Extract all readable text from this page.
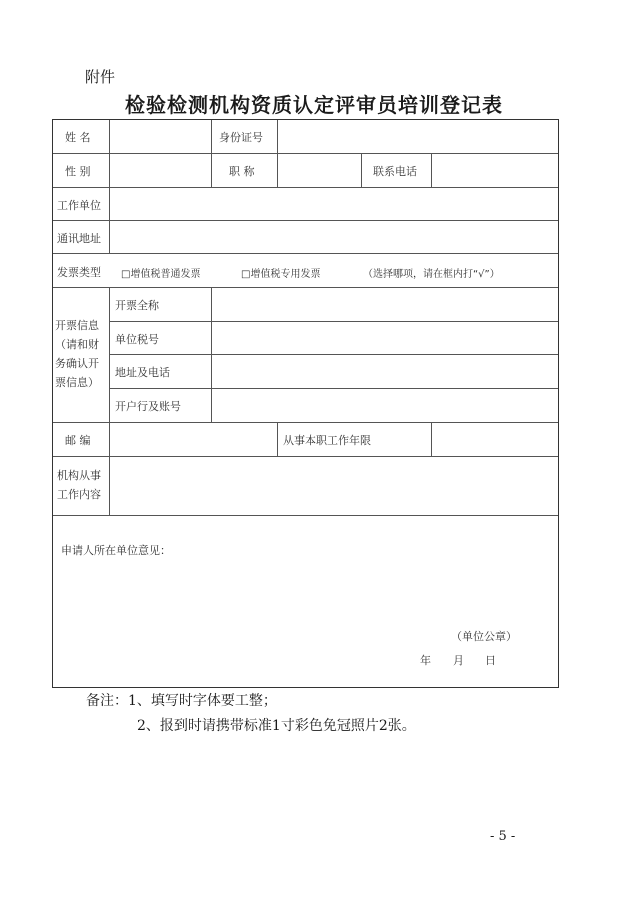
附件
检验检测机构资质认定评审员培训登记表
姓 名	身份证号
性 别	职 称	联系电话
工作单位
通讯地址
发票类型 □增值税普通发票	□增值税专用发票	（选择哪项，请在框内打“√”）
开票信息（请和财务确认开票信息）
开票全称
单位税号
地址及电话
开户行及账号
邮 编	从事本职工作年限
机构从事工作内容
申请人所在单位意见：
（单位公章）
年 月 日
备注：1、填写时字体要工整；
2、报到时请携带标准1寸彩色免冠照片2张。
- 5 -
